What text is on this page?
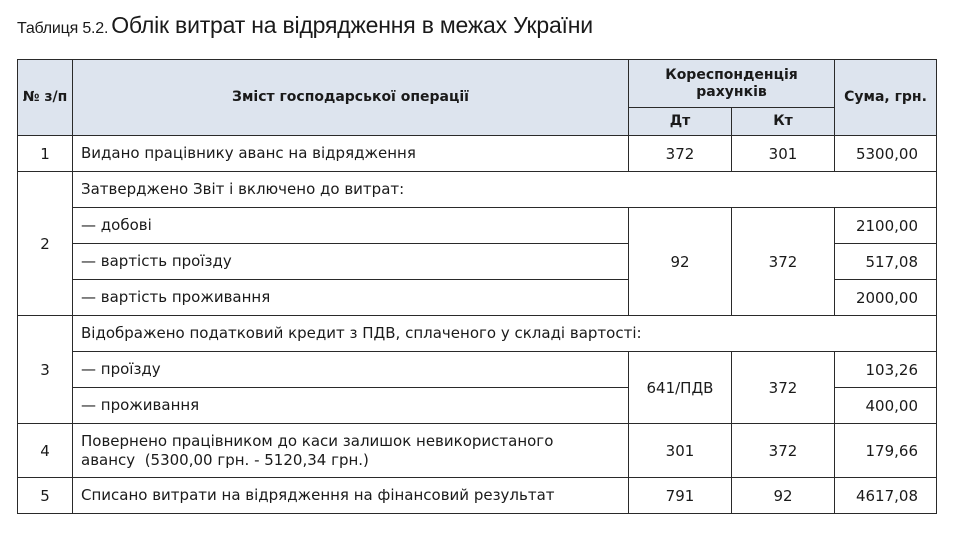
Таблиця 5.2. Облік витрат на відрядження в межах України
№ з/п	Зміст господарської операції	Кореспонденція рахунків		Сума, грн.
		Дт	Кт	
1	Видано працівнику аванс на відрядження	372	301	5300,00
2	Затверджено Звіт і включено до витрат:			
	— добові	92	372	2100,00
	— вартість проїзду			517,08
	— вартість проживання			2000,00
3	Відображено податковий кредит з ПДВ, сплаченого у складі вартості:			
	— проїзду	641/ПДВ	372	103,26
	— проживання			400,00
4	Повернено працівником до каси залишок невикористаного
авансу  (5300,00 грн. - 5120,34 грн.)	301	372	179,66
5	Списано витрати на відрядження на фінансовий результат	791	92	4617,08
